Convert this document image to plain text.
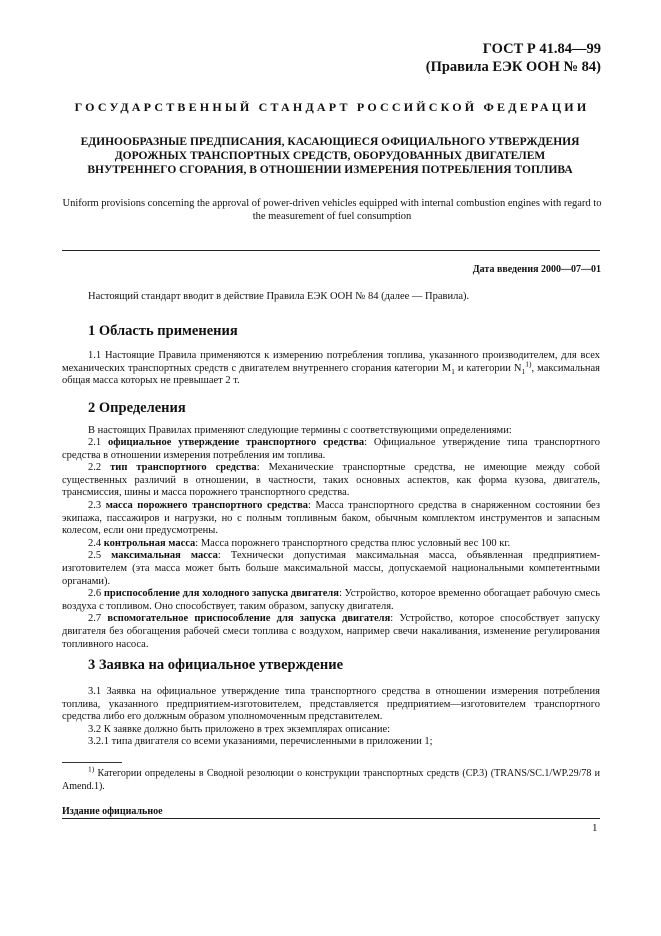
ГОСТ Р 41.84—99
(Правила ЕЭК ООН № 84)
ГОСУДАРСТВЕННЫЙ СТАНДАРТ РОССИЙСКОЙ ФЕДЕРАЦИИ
ЕДИНООБРАЗНЫЕ ПРЕДПИСАНИЯ, КАСАЮЩИЕСЯ ОФИЦИАЛЬНОГО УТВЕРЖДЕНИЯ ДОРОЖНЫХ ТРАНСПОРТНЫХ СРЕДСТВ, ОБОРУДОВАННЫХ ДВИГАТЕЛЕМ ВНУТРЕННЕГО СГОРАНИЯ, В ОТНОШЕНИИ ИЗМЕРЕНИЯ ПОТРЕБЛЕНИЯ ТОПЛИВА
Uniform provisions concerning the approval of power-driven vehicles equipped with internal combustion engines with regard to the measurement of fuel consumption
Дата введения 2000—07—01
Настоящий стандарт вводит в действие Правила ЕЭК ООН № 84 (далее — Правила).
1 Область применения
1.1 Настоящие Правила применяются к измерению потребления топлива, указанного производителем, для всех механических транспортных средств с двигателем внутреннего сгорания категории $M_1$ и категории $N_1^{1)}$, максимальная общая масса которых не превышает 2 т.
2 Определения
В настоящих Правилах применяют следующие термины с соответствующими определениями:
2.1 официальное утверждение транспортного средства: Официальное утверждение типа транспортного средства в отношении измерения потребления им топлива.
2.2 тип транспортного средства: Механические транспортные средства, не имеющие между собой существенных различий в отношении, в частности, таких основных аспектов, как форма кузова, двигатель, трансмиссия, шины и масса порожнего транспортного средства.
2.3 масса порожнего транспортного средства: Масса транспортного средства в снаряженном состоянии без экипажа, пассажиров и нагрузки, но с полным топливным баком, обычным комплектом инструментов и запасным колесом, если они предусмотрены.
2.4 контрольная масса: Масса порожнего транспортного средства плюс условный вес 100 кг.
2.5 максимальная масса: Технически допустимая максимальная масса, объявленная предприятием-изготовителем (эта масса может быть больше максимальной массы, допускаемой национальными компетентными органами).
2.6 приспособление для холодного запуска двигателя: Устройство, которое временно обогащает рабочую смесь воздуха с топливом. Оно способствует, таким образом, запуску двигателя.
2.7 вспомогательное приспособление для запуска двигателя: Устройство, которое способствует запуску двигателя без обогащения рабочей смеси топлива с воздухом, например свечи накаливания, изменение регулирования топливного насоса.
3 Заявка на официальное утверждение
3.1 Заявка на официальное утверждение типа транспортного средства в отношении измерения потребления топлива, указанного предприятием-изготовителем, представляется предприятием—изготовителем транспортного средства либо его должным образом уполномоченным представителем.
3.2 К заявке должно быть приложено в трех экземплярах описание:
3.2.1 типа двигателя со всеми указаниями, перечисленными в приложении 1;
$^{1)}$ Категории определены в Сводной резолюции о конструкции транспортных средств (СР.3) (TRANS/SC.1/WP.29/78 и Amend.1).
Издание официальное
1
